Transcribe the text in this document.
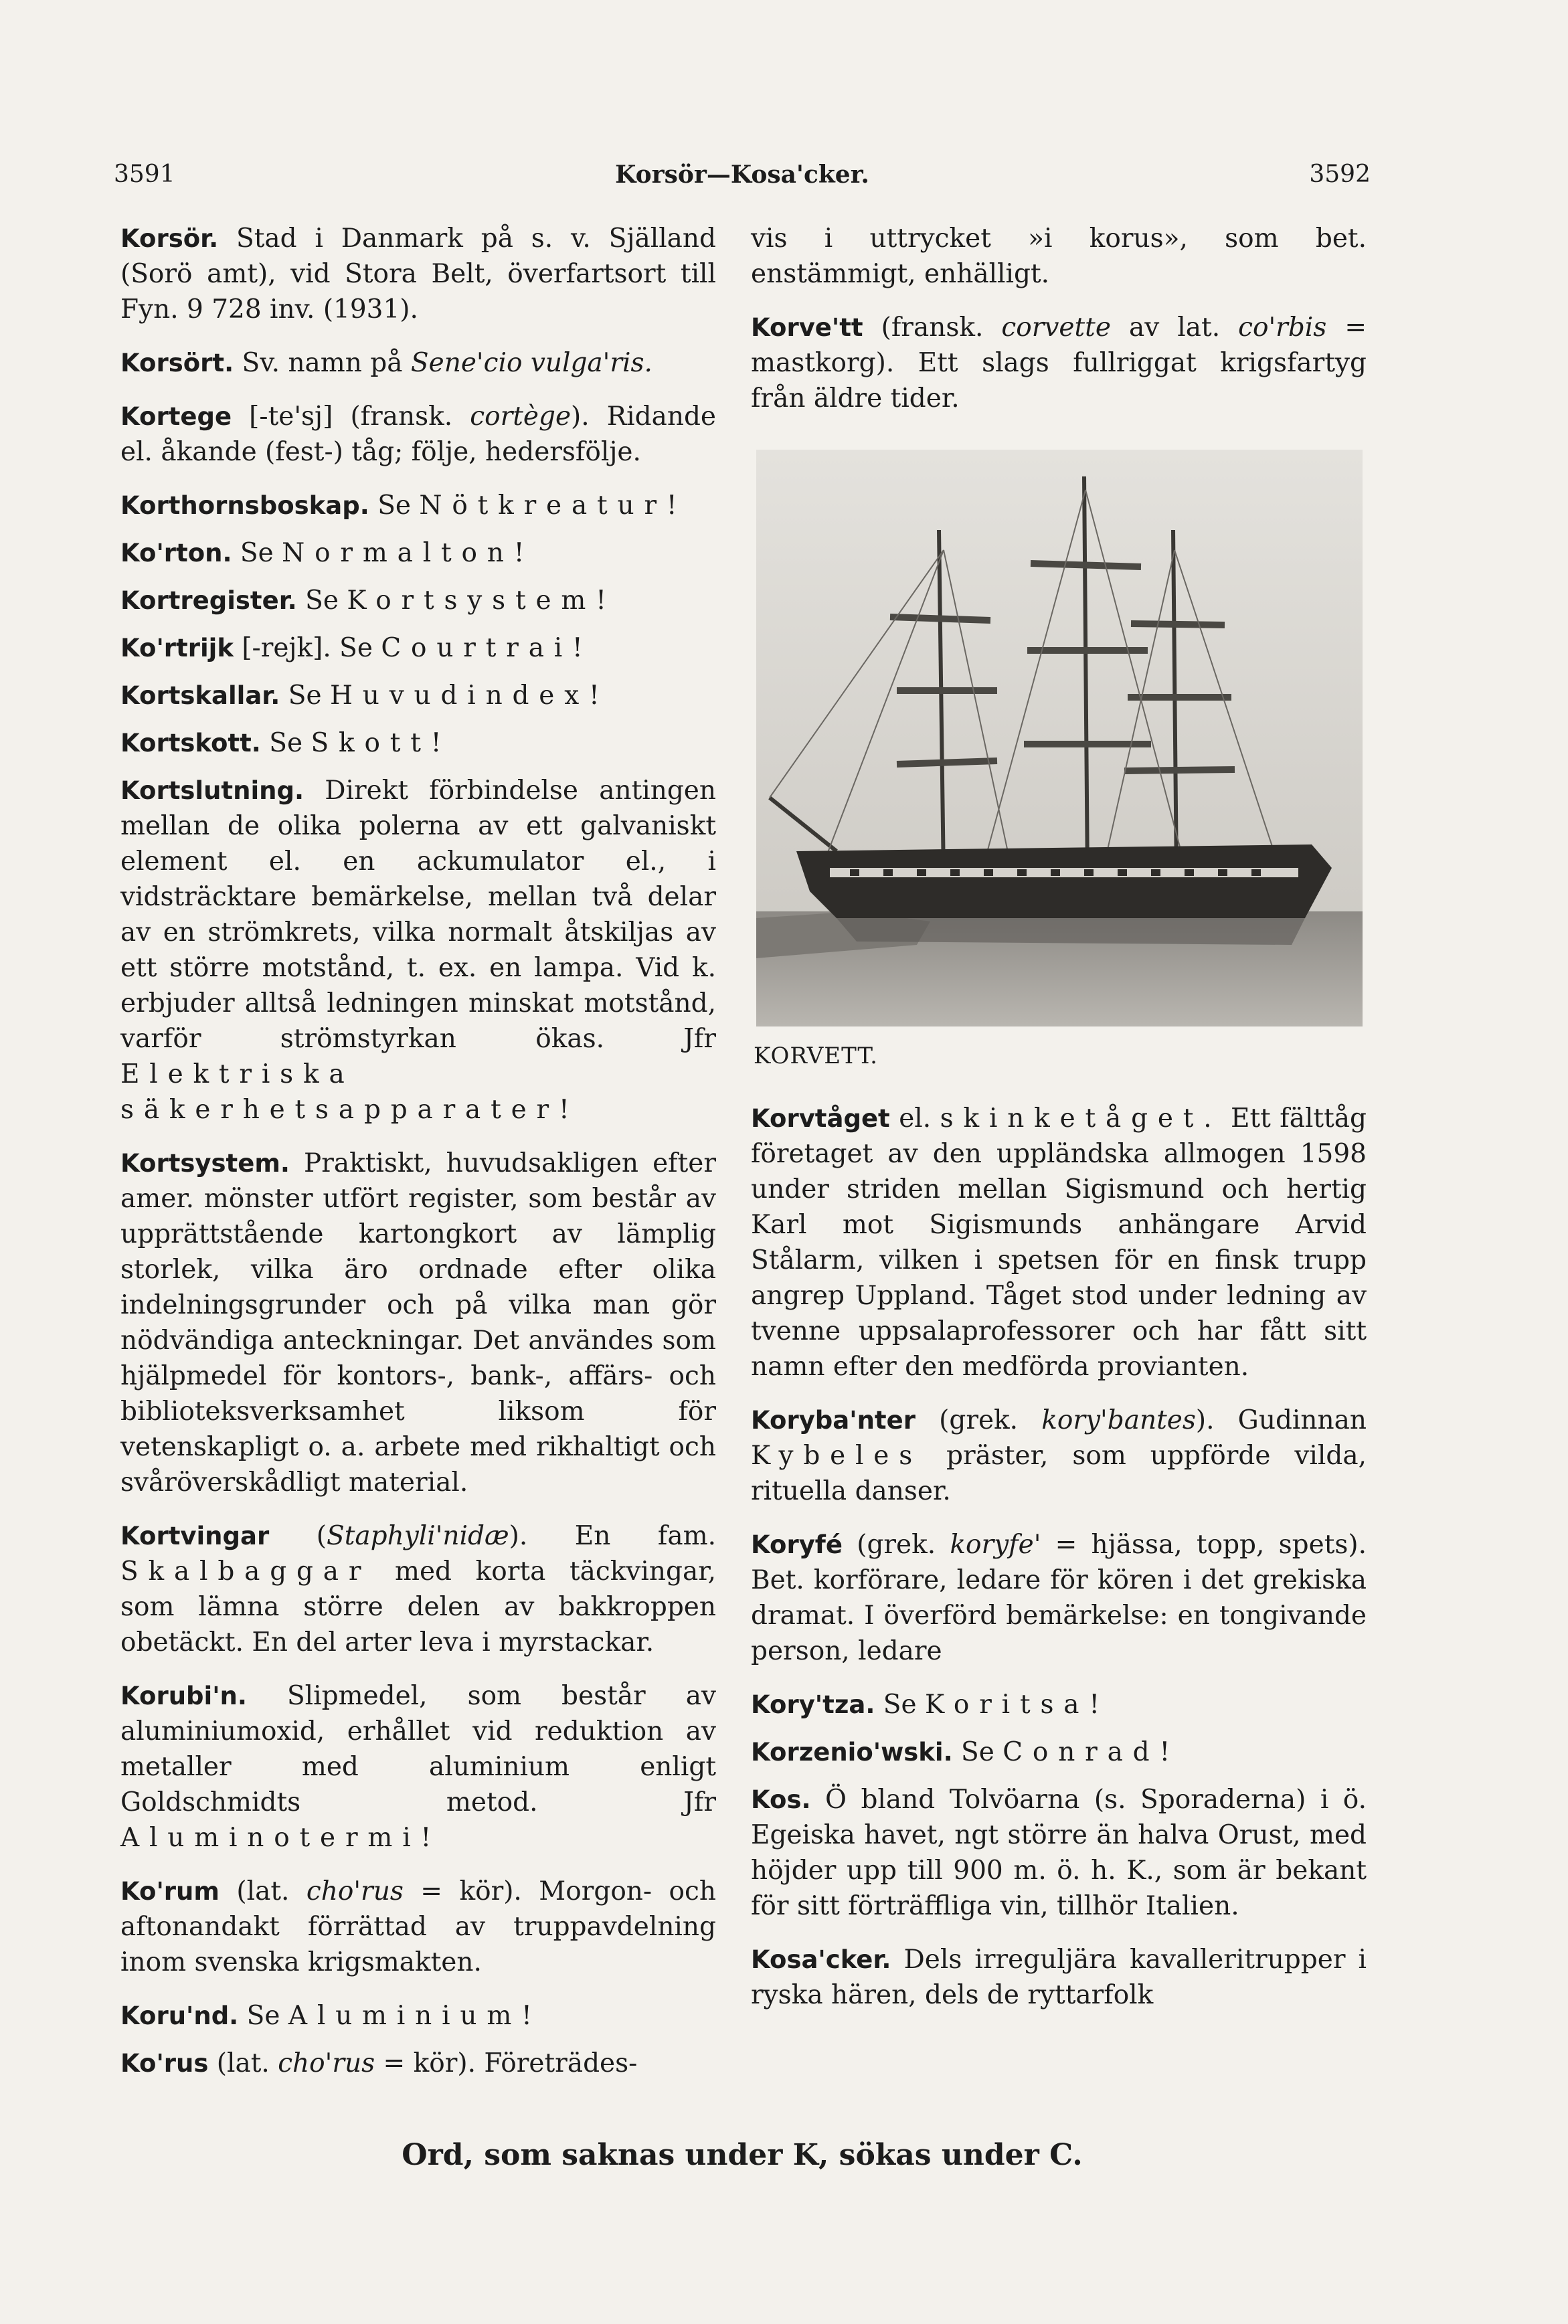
3591	Korsör—Kosa'cker.	3592

Korsör. Stad i Danmark på s. v. Själland (Sorö amt), vid Stora Belt, överfartsort till Fyn. 9 728 inv. (1931).

Korsört. Sv. namn på Sene'cio vulga'ris.

Kortege [-te'sj] (fransk. cortège). Ridande el. åkande (fest-) tåg; följe, hedersfölje.

Korthornsboskap. Se Nötkreatur!

Ko'rton. Se Normalton!

Kortregister. Se Kortsystem!

Ko'rtrijk [-rejk]. Se Courtrai!

Kortskallar. Se Huvudindex!

Kortskott. Se Skott!

Kortslutning. Direkt förbindelse antingen mellan de olika polerna av ett galvaniskt element el. en ackumulator el., i vidsträcktare bemärkelse, mellan två delar av en strömkrets, vilka normalt åtskiljas av ett större motstånd, t. ex. en lampa. Vid k. erbjuder alltså ledningen minskat motstånd, varför strömstyrkan ökas. Jfr Elektriska säkerhetsapparater!

Kortsystem. Praktiskt, huvudsakligen efter amer. mönster utfört register, som består av upprättstående kartongkort av lämplig storlek, vilka äro ordnade efter olika indelningsgrunder och på vilka man gör nödvändiga anteckningar. Det användes som hjälpmedel för kontors-, bank-, affärs- och biblioteksverksamhet liksom för vetenskapligt o. a. arbete med rikhaltigt och svåröverskådligt material.

Kortvingar (Staphyli'nidæ). En fam. Skalbaggar med korta täckvingar, som lämna större delen av bakkroppen obetäckt. En del arter leva i myrstackar.

Korubi'n. Slipmedel, som består av aluminiumoxid, erhållet vid reduktion av metaller med aluminium enligt Goldschmidts metod. Jfr Aluminotermi!

Ko'rum (lat. cho'rus = kör). Morgon- och aftonandakt förrättad av truppavdelning inom svenska krigsmakten.

Koru'nd. Se Aluminium!

Ko'rus (lat. cho'rus = kör). Företrädes-

vis i uttrycket »i korus», som bet. enstämmigt, enhälligt.

Korve'tt (fransk. corvette av lat. co'rbis = mastkorg). Ett slags fullriggat krigsfartyg från äldre tider.

KORVETT.

Korvtåget el. skinketåget. Ett fälttåg företaget av den uppländska allmogen 1598 under striden mellan Sigismund och hertig Karl mot Sigismunds anhängare Arvid Stålarm, vilken i spetsen för en finsk trupp angrep Uppland. Tåget stod under ledning av tvenne uppsalaprofessorer och har fått sitt namn efter den medförda provianten.

Koryba'nter (grek. kory'bantes). Gudinnan Kybeles präster, som uppförde vilda, rituella danser.

Koryfé (grek. koryfe' = hjässa, topp, spets). Bet. korförare, ledare för kören i det grekiska dramat. I överförd bemärkelse: en tongivande person, ledare

Kory'tza. Se Koritsa!

Korzenio'wski. Se Conrad!

Kos. Ö bland Tolvöarna (s. Sporaderna) i ö. Egeiska havet, ngt större än halva Orust, med höjder upp till 900 m. ö. h. K., som är bekant för sitt förträffliga vin, tillhör Italien.

Kosa'cker. Dels irreguljära kavalleritrupper i ryska hären, dels de ryttarfolk

Ord, som saknas under K, sökas under C.
